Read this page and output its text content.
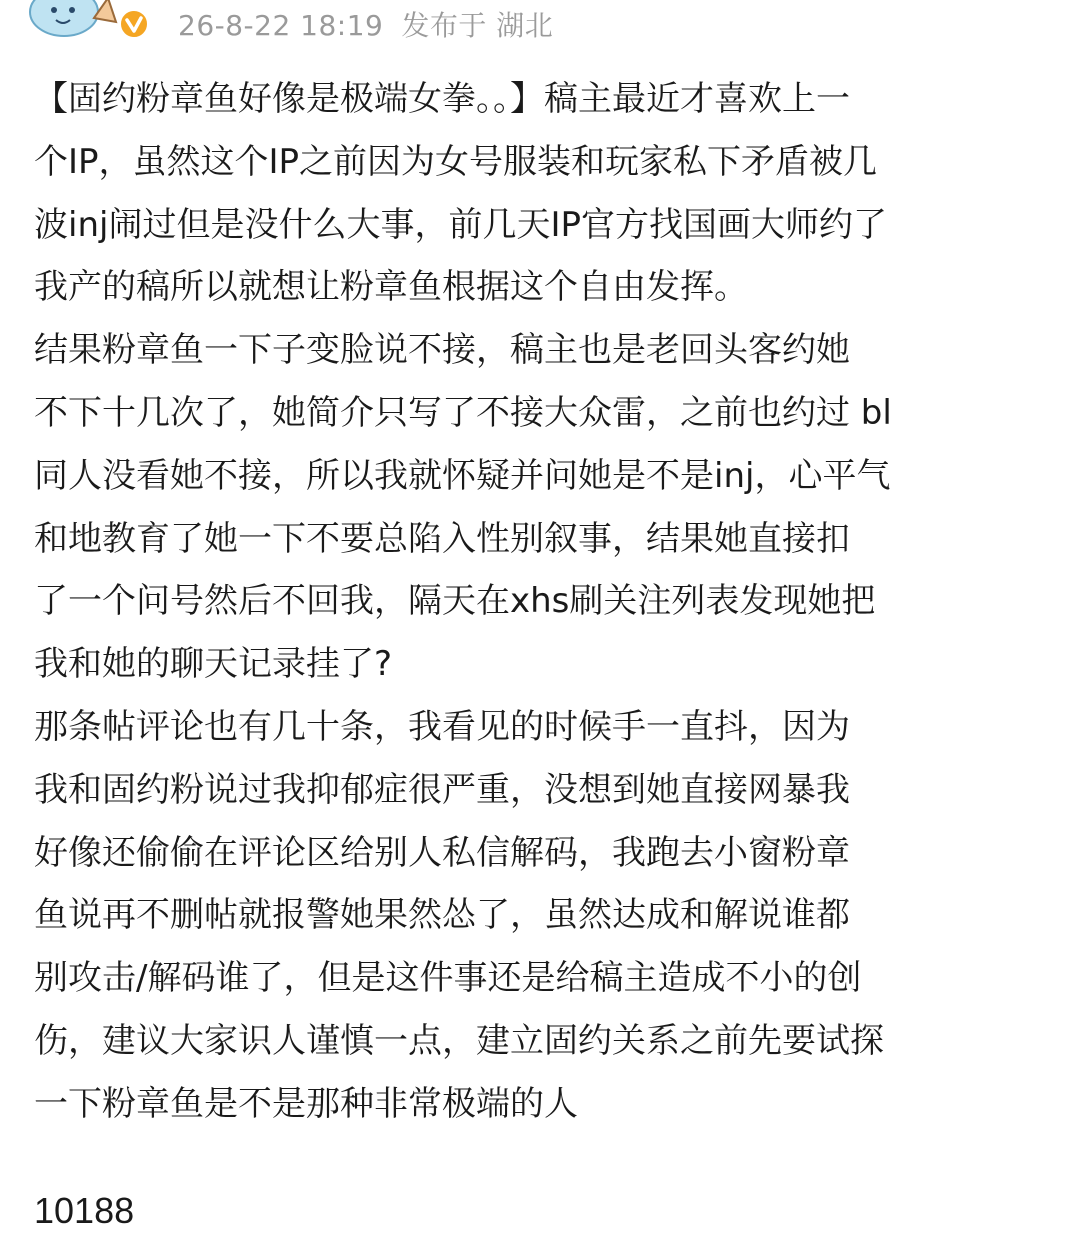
26-8-22 18:19 发布于 湖北
【固约粉章鱼好像是极端女拳。。】稿主最近才喜欢上一
个IP，虽然这个IP之前因为女号服装和玩家私下矛盾被几
波inj闹过但是没什么大事，前几天IP官方找国画大师约了
我产的稿所以就想让粉章鱼根据这个自由发挥。
结果粉章鱼一下子变脸说不接，稿主也是老回头客约她
不下十几次了，她简介只写了不接大众雷，之前也约过 bl
同人没看她不接，所以我就怀疑并问她是不是inj，心平气
和地教育了她一下不要总陷入性别叙事，结果她直接扣
了一个问号然后不回我，隔天在xhs刷关注列表发现她把
我和她的聊天记录挂了?
那条帖评论也有几十条，我看见的时候手一直抖，因为
我和固约粉说过我抑郁症很严重，没想到她直接网暴我
好像还偷偷在评论区给别人私信解码，我跑去小窗粉章
鱼说再不删帖就报警她果然怂了，虽然达成和解说谁都
别攻击/解码谁了，但是这件事还是给稿主造成不小的创
伤，建议大家识人谨慎一点，建立固约关系之前先要试探
一下粉章鱼是不是那种非常极端的人
10188
